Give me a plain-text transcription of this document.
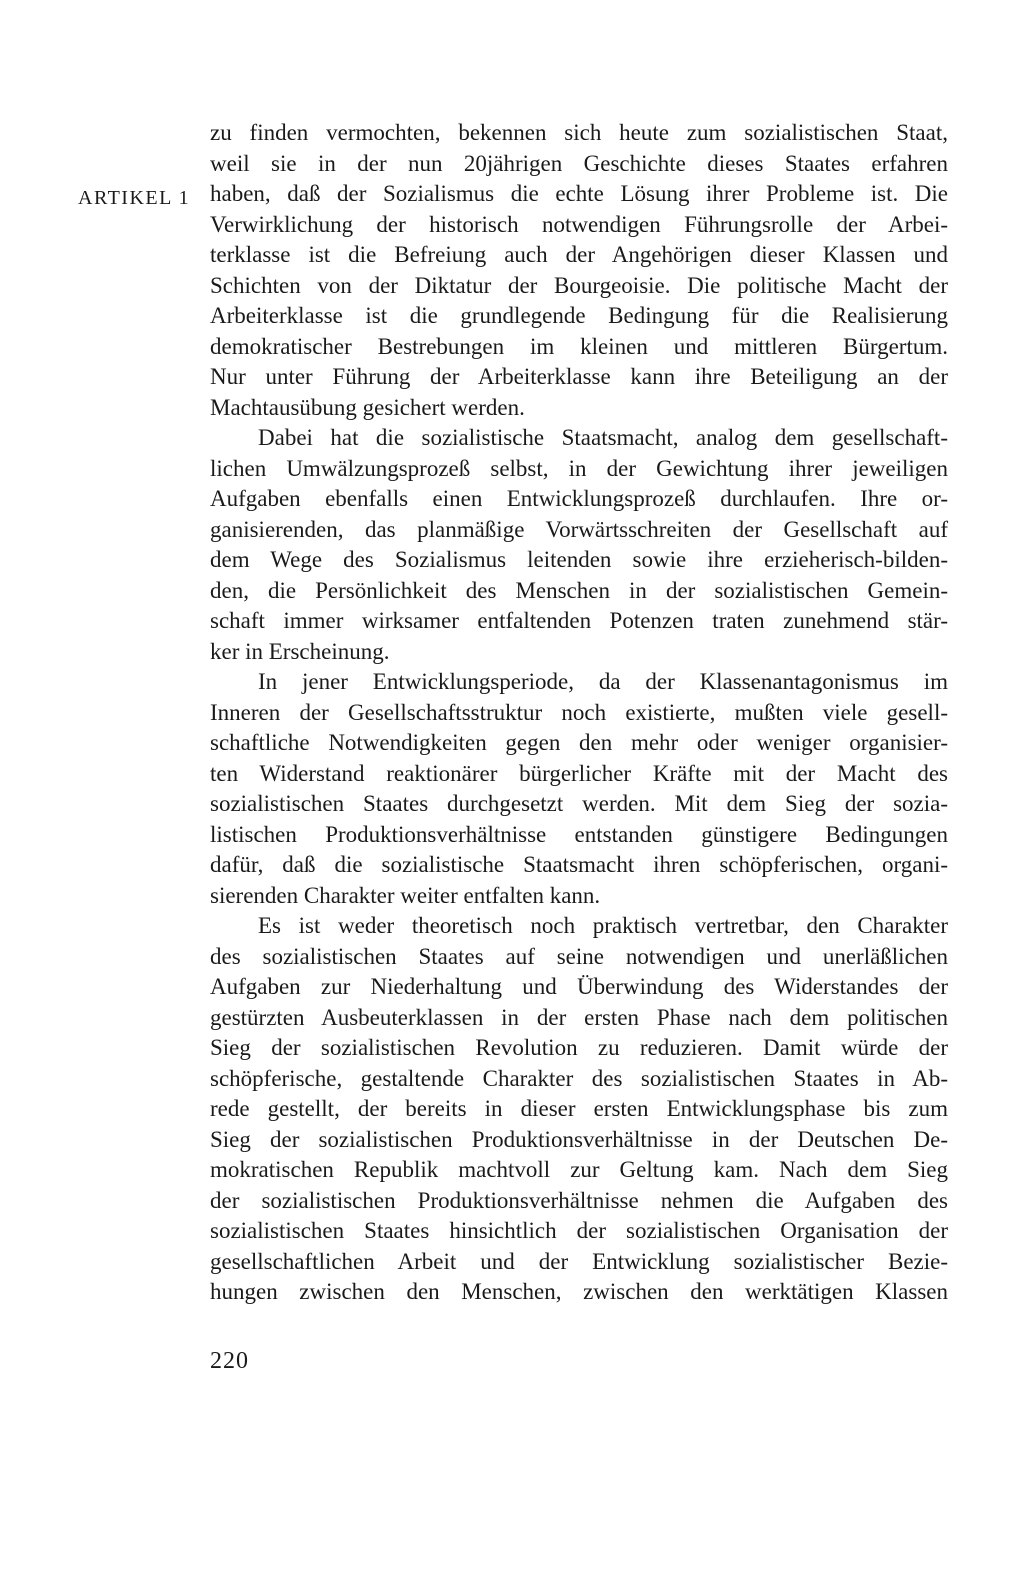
ARTIKEL 1
zu finden vermochten, bekennen sich heute zum sozialistischen Staat,
weil sie in der nun 20jährigen Geschichte dieses Staates erfahren
haben, daß der Sozialismus die echte Lösung ihrer Probleme ist. Die
Verwirklichung der historisch notwendigen Führungsrolle der Arbei-
terklasse ist die Befreiung auch der Angehörigen dieser Klassen und
Schichten von der Diktatur der Bourgeoisie. Die politische Macht der
Arbeiterklasse ist die grundlegende Bedingung für die Realisierung
demokratischer Bestrebungen im kleinen und mittleren Bürgertum.
Nur unter Führung der Arbeiterklasse kann ihre Beteiligung an der
Machtausübung gesichert werden.
Dabei hat die sozialistische Staatsmacht, analog dem gesellschaft-
lichen Umwälzungsprozeß selbst, in der Gewichtung ihrer jeweiligen
Aufgaben ebenfalls einen Entwicklungsprozeß durchlaufen. Ihre or-
ganisierenden, das planmäßige Vorwärtsschreiten der Gesellschaft auf
dem Wege des Sozialismus leitenden sowie ihre erzieherisch-bilden-
den, die Persönlichkeit des Menschen in der sozialistischen Gemein-
schaft immer wirksamer entfaltenden Potenzen traten zunehmend stär-
ker in Erscheinung.
In jener Entwicklungsperiode, da der Klassenantagonismus im
Inneren der Gesellschaftsstruktur noch existierte, mußten viele gesell-
schaftliche Notwendigkeiten gegen den mehr oder weniger organisier-
ten Widerstand reaktionärer bürgerlicher Kräfte mit der Macht des
sozialistischen Staates durchgesetzt werden. Mit dem Sieg der sozia-
listischen Produktionsverhältnisse entstanden günstigere Bedingungen
dafür, daß die sozialistische Staatsmacht ihren schöpferischen, organi-
sierenden Charakter weiter entfalten kann.
Es ist weder theoretisch noch praktisch vertretbar, den Charakter
des sozialistischen Staates auf seine notwendigen und unerläßlichen
Aufgaben zur Niederhaltung und Überwindung des Widerstandes der
gestürzten Ausbeuterklassen in der ersten Phase nach dem politischen
Sieg der sozialistischen Revolution zu reduzieren. Damit würde der
schöpferische, gestaltende Charakter des sozialistischen Staates in Ab-
rede gestellt, der bereits in dieser ersten Entwicklungsphase bis zum
Sieg der sozialistischen Produktionsverhältnisse in der Deutschen De-
mokratischen Republik machtvoll zur Geltung kam. Nach dem Sieg
der sozialistischen Produktionsverhältnisse nehmen die Aufgaben des
sozialistischen Staates hinsichtlich der sozialistischen Organisation der
gesellschaftlichen Arbeit und der Entwicklung sozialistischer Bezie-
hungen zwischen den Menschen, zwischen den werktätigen Klassen
220
